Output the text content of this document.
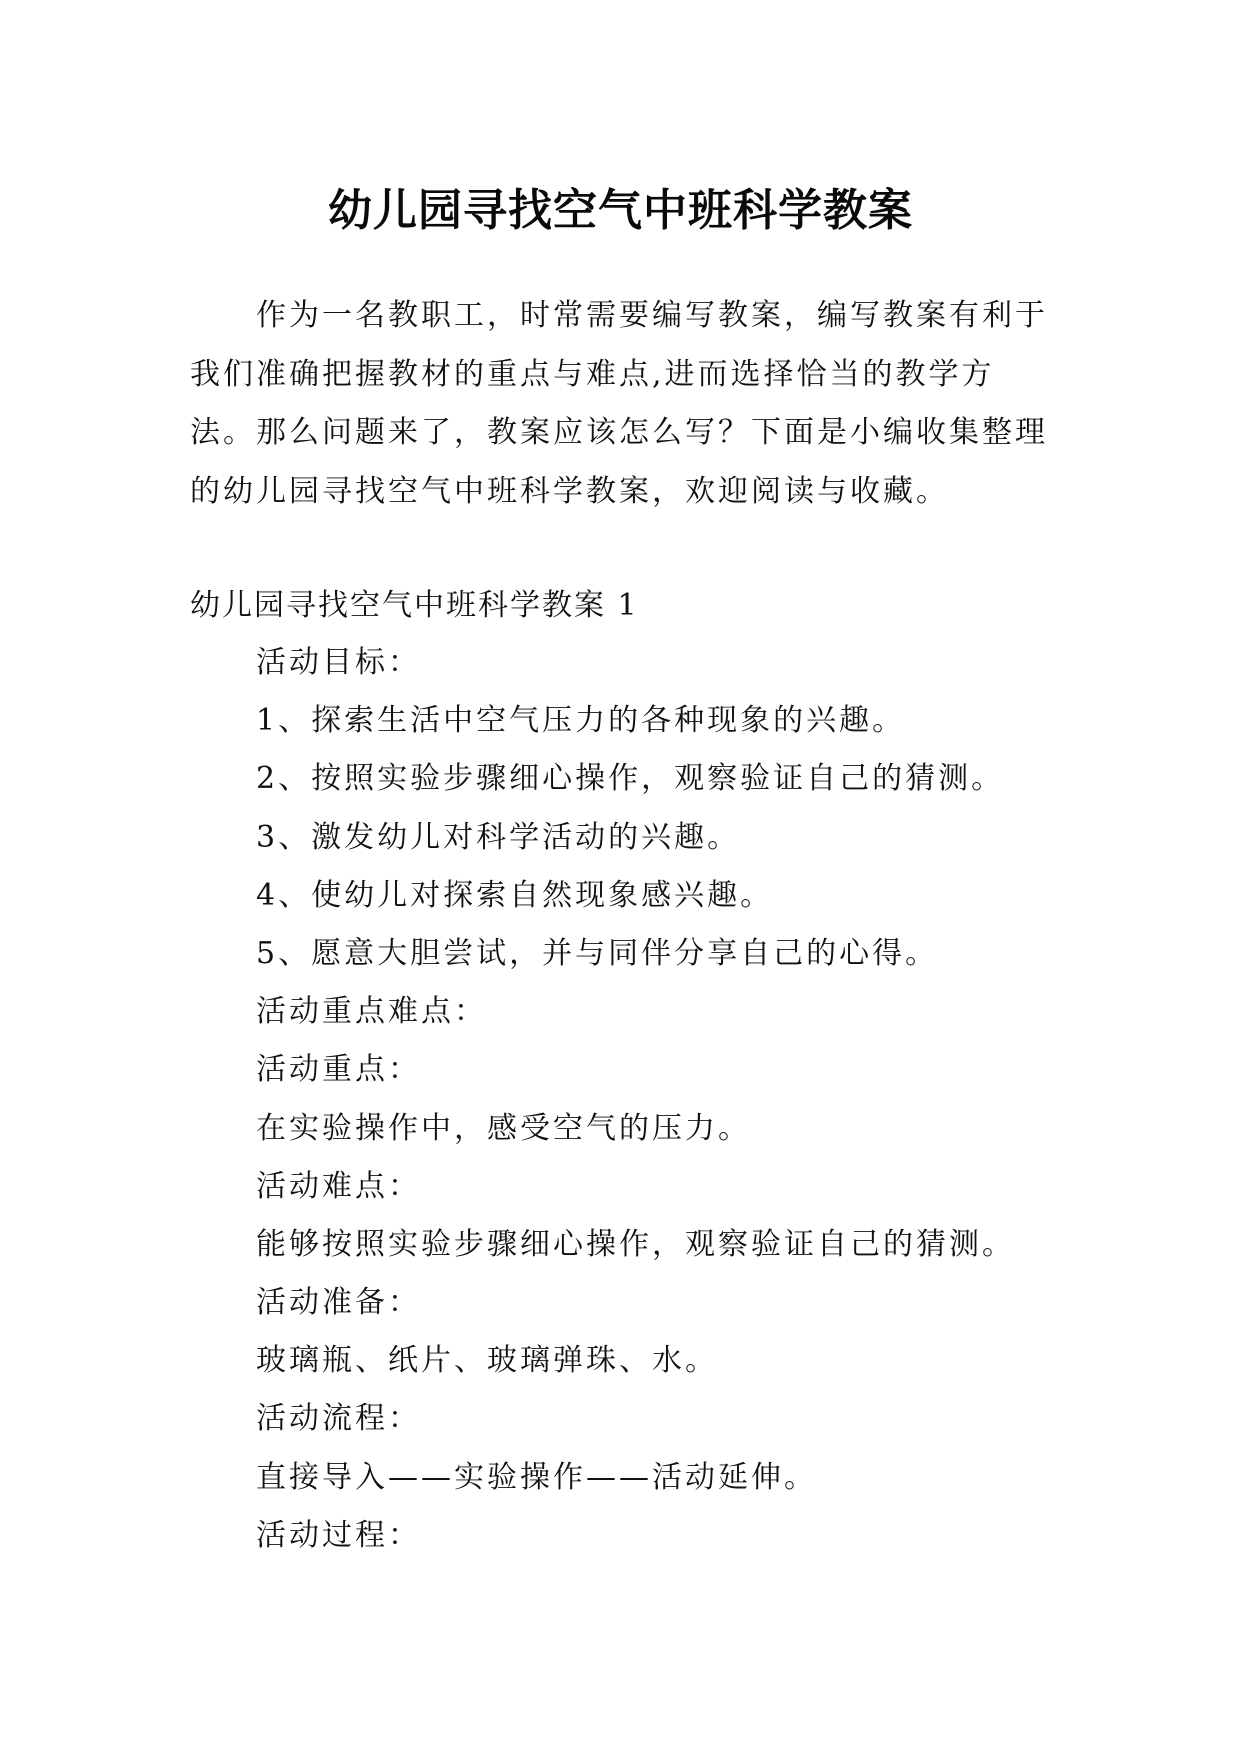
幼儿园寻找空气中班科学教案

作为一名教职工，时常需要编写教案，编写教案有利于我们准确把握教材的重点与难点,进而选择恰当的教学方法。那么问题来了，教案应该怎么写？下面是小编收集整理的幼儿园寻找空气中班科学教案，欢迎阅读与收藏。

幼儿园寻找空气中班科学教案 1

活动目标：
1、探索生活中空气压力的各种现象的兴趣。
2、按照实验步骤细心操作，观察验证自己的猜测。
3、激发幼儿对科学活动的兴趣。
4、使幼儿对探索自然现象感兴趣。
5、愿意大胆尝试，并与同伴分享自己的心得。
活动重点难点：
活动重点：
在实验操作中，感受空气的压力。
活动难点：
能够按照实验步骤细心操作，观察验证自己的猜测。
活动准备：
玻璃瓶、纸片、玻璃弹珠、水。
活动流程：
直接导入——实验操作——活动延伸。
活动过程：
